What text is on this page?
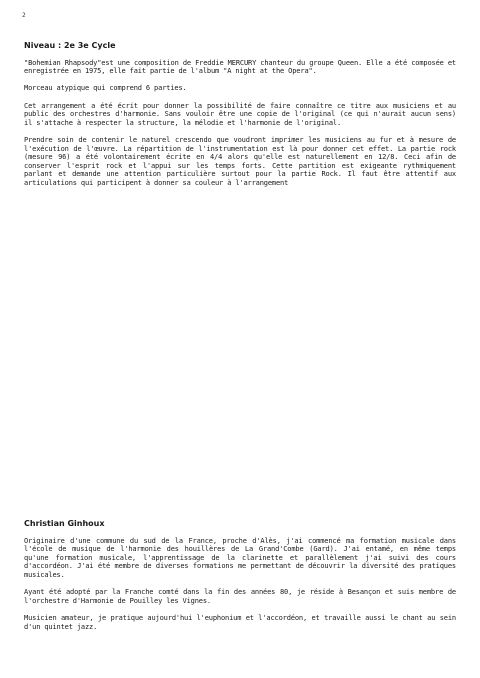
2
Niveau : 2e 3e Cycle

"Bohemian Rhapsody"est une composition de Freddie MERCURY chanteur du groupe Queen. Elle a été composée et enregistrée en 1975, elle fait partie de l'album "A night at the Opera".

Morceau atypique qui comprend 6 parties.

Cet arrangement a été écrit pour donner la possibilité de faire connaître ce titre aux musiciens et au public des orchestres d'harmonie. Sans vouloir être une copie de l'original (ce qui n'aurait aucun sens) il s'attache à respecter la structure, la mélodie et l'harmonie de l'original.

Prendre soin de contenir le naturel crescendo que voudront imprimer les musiciens au fur et à mesure de l'exécution de l'œuvre. La répartition de l'instrumentation est là pour donner cet effet. La partie rock (mesure 96) a été volontairement écrite en 4/4 alors qu'elle est naturellement en 12/8. Ceci afin de conserver l'esprit rock et l'appui sur les temps forts. Cette partition est exigeante rythmiquement parlant et demande une attention particulière surtout pour la partie Rock. Il faut être attentif aux articulations qui participent à donner sa couleur à l'arrangement

Christian Ginhoux

Originaire d'une commune du sud de la France, proche d'Alès, j'ai commencé ma formation musicale dans l'école de musique de l'harmonie des houillères de La Grand'Combe (Gard). J'ai entamé, en même temps qu'une formation musicale, l'apprentissage de la clarinette et parallèlement j'ai suivi des cours d'accordéon. J'ai été membre de diverses formations me permettant de découvrir la diversité des pratiques musicales.

Ayant été adopté par la Franche comté dans la fin des années 80, je réside à Besançon et suis membre de l'orchestre d'Harmonie de Pouilley les Vignes.

Musicien amateur, je pratique aujourd'hui l'euphonium et l'accordéon, et travaille aussi le chant au sein d'un quintet jazz.
